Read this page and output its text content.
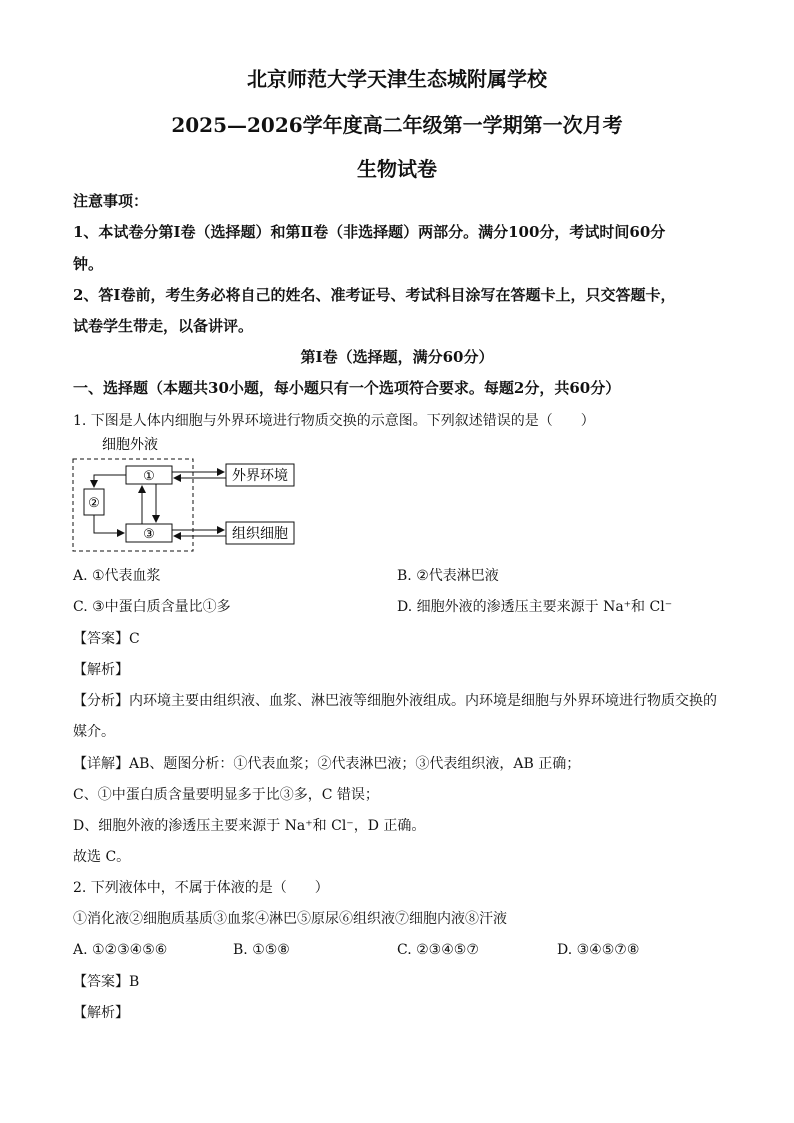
北京师范大学天津生态城附属学校
2025—2026学年度高二年级第一学期第一次月考
生物试卷
注意事项：
1、本试卷分第Ⅰ卷（选择题）和第Ⅱ卷（非选择题）两部分。满分100分，考试时间60分
钟。
2、答Ⅰ卷前，考生务必将自己的姓名、准考证号、考试科目涂写在答题卡上，只交答题卡，
试卷学生带走，以备讲评。
第Ⅰ卷（选择题，满分60分）
一、选择题（本题共30小题，每小题只有一个选项符合要求。每题2分，共60分）
1. 下图是人体内细胞与外界环境进行物质交换的示意图。下列叙述错误的是（　　）
细胞外液
①
②
③
外界环境
组织细胞
A. ①代表血浆	B. ②代表淋巴液
C. ③中蛋白质含量比①多	D. 细胞外液的渗透压主要来源于 Na⁺和 Cl⁻
【答案】C
【解析】
【分析】内环境主要由组织液、血浆、淋巴液等细胞外液组成。内环境是细胞与外界环境进行物质交换的
媒介。
【详解】AB、题图分析：①代表血浆；②代表淋巴液；③代表组织液，AB 正确；
C、①中蛋白质含量要明显多于比③多，C 错误；
D、细胞外液的渗透压主要来源于 Na⁺和 Cl⁻，D 正确。
故选 C。
2. 下列液体中，不属于体液的是（　　）
①消化液②细胞质基质③血浆④淋巴⑤原尿⑥组织液⑦细胞内液⑧汗液
A. ①②③④⑤⑥	B. ①⑤⑧	C. ②③④⑤⑦	D. ③④⑤⑦⑧
【答案】B
【解析】
